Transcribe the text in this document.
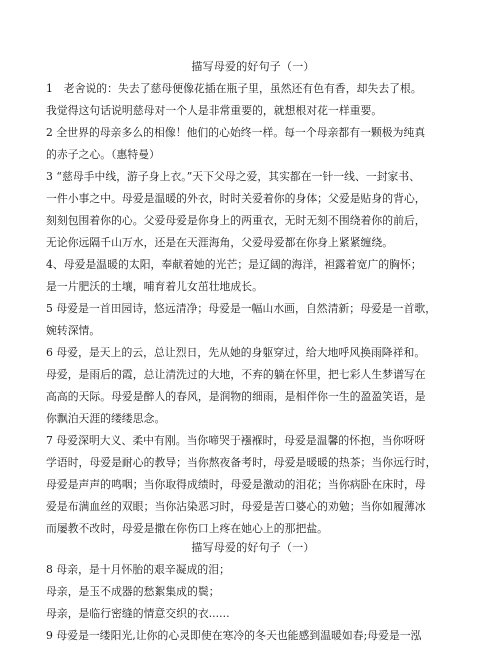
描写母爱的好句子（一）
1　老舍说的：失去了慈母便像花插在瓶子里，虽然还有色有香，却失去了根。
我觉得这句话说明慈母对一个人是非常重要的，就想根对花一样重要。
2 全世界的母亲多么的相像！他们的心始终一样。每一个母亲都有一颗极为纯真
的赤子之心。（惠特曼）
3 “慈母手中线，游子身上衣。”天下父母之爱，其实都在一针一线、一封家书、
一件小事之中。母爱是温暖的外衣，时时关爱着你的身体；父爱是贴身的背心，
刻刻包围着你的心。父爱母爱是你身上的两重衣，无时无刻不围绕着你的前后，
无论你远隔千山万水，还是在天涯海角，父爱母爱都在你身上紧紧缠绕。
4、母爱是温暖的太阳，奉献着她的光芒；是辽阔的海洋，袒露着宽广的胸怀；
是一片肥沃的土壤，哺育着儿女茁壮地成长。
5 母爱是一首田园诗，悠远清净；母爱是一幅山水画，自然清新；母爱是一首歌，
婉转深情。
6 母爱，是天上的云，总让烈日，先从她的身躯穿过，给大地呼风换雨降祥和。
母爱，是雨后的霞，总让清洗过的大地，不弃的躺在怀里，把七彩人生梦谱写在
高高的天际。母爱是醉人的春风，是润物的细雨，是相伴你一生的盈盈笑语，是
你飘泊天涯的缕缕思念。
7 母爱深明大义、柔中有刚。当你啼哭于襁褓时，母爱是温馨的怀抱，当你呀呀
学语时，母爱是耐心的教导；当你熬夜备考时，母爱是暖暖的热茶；当你远行时，
母爱是声声的鸣咽；当你取得成绩时，母爱是激动的泪花；当你病卧在床时，母
爱是布满血丝的双眼；当你沾染恶习时，母爱是苦口婆心的劝勉；当你如履薄冰
而屡教不改时，母爱是撒在你伤口上疼在她心上的那把盐。
描写母爱的好句子（一）
8 母亲，是十月怀胎的艰辛凝成的泪；
母亲，是玉不成器的愁絮集成的鬓；
母亲，是临行密缝的情意交织的衣......
9 母爱是一缕阳光,让你的心灵即使在寒冷的冬天也能感到温暖如春;母爱是一泓
